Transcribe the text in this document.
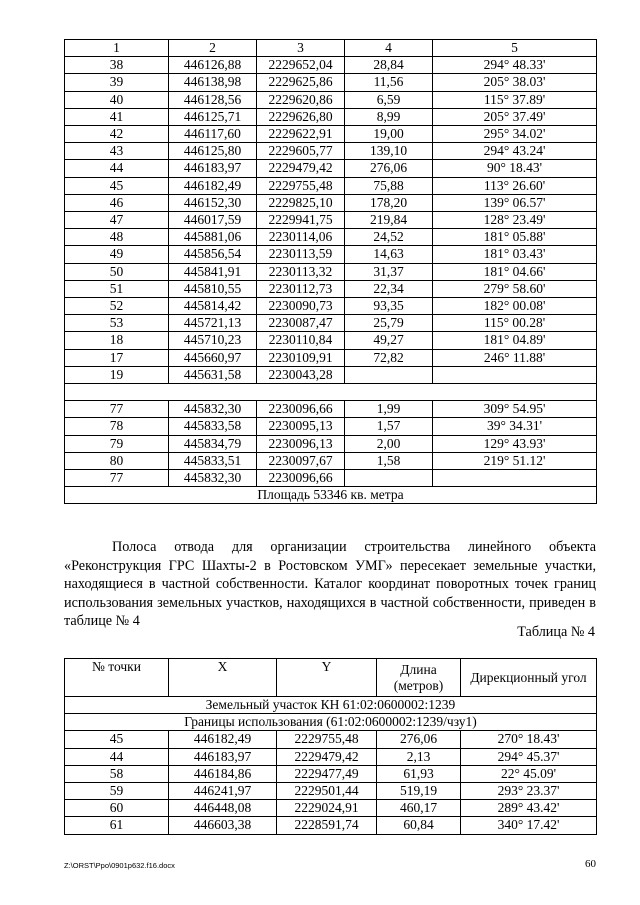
1	2	3	4	5
38	446126,88	2229652,04	28,84	294° 48.33'
39	446138,98	2229625,86	11,56	205° 38.03'
40	446128,56	2229620,86	6,59	115° 37.89'
41	446125,71	2229626,80	8,99	205° 37.49'
42	446117,60	2229622,91	19,00	295° 34.02'
43	446125,80	2229605,77	139,10	294° 43.24'
44	446183,97	2229479,42	276,06	90° 18.43'
45	446182,49	2229755,48	75,88	113° 26.60'
46	446152,30	2229825,10	178,20	139° 06.57'
47	446017,59	2229941,75	219,84	128° 23.49'
48	445881,06	2230114,06	24,52	181° 05.88'
49	445856,54	2230113,59	14,63	181° 03.43'
50	445841,91	2230113,32	31,37	181° 04.66'
51	445810,55	2230112,73	22,34	279° 58.60'
52	445814,42	2230090,73	93,35	182° 00.08'
53	445721,13	2230087,47	25,79	115° 00.28'
18	445710,23	2230110,84	49,27	181° 04.89'
17	445660,97	2230109,91	72,82	246° 11.88'
19	445631,58	2230043,28		

77	445832,30	2230096,66	1,99	309° 54.95'
78	445833,58	2230095,13	1,57	39° 34.31'
79	445834,79	2230096,13	2,00	129° 43.93'
80	445833,51	2230097,67	1,58	219° 51.12'
77	445832,30	2230096,66		
Площадь 53346 кв. метра				

Полоса отвода для организации строительства линейного объекта «Реконструкция ГРС Шахты-2 в Ростовском УМГ» пересекает земельные участки, находящиеся в частной собственности. Каталог координат поворотных точек границ использования земельных участков, находящихся в частной собственности, приведен в таблице № 4

Таблица № 4
№ точки	X	Y	Длина (метров)	Дирекционный угол
Земельный участок КН 61:02:0600002:1239				
Границы использования (61:02:0600002:1239/чзу1)				
45	446182,49	2229755,48	276,06	270° 18.43'
44	446183,97	2229479,42	2,13	294° 45.37'
58	446184,86	2229477,49	61,93	22° 45.09'
59	446241,97	2229501,44	519,19	293° 23.37'
60	446448,08	2229024,91	460,17	289° 43.42'
61	446603,38	2228591,74	60,84	340° 17.42'
Z:\ORST\Ppo\0901p632.f16.docx	60
